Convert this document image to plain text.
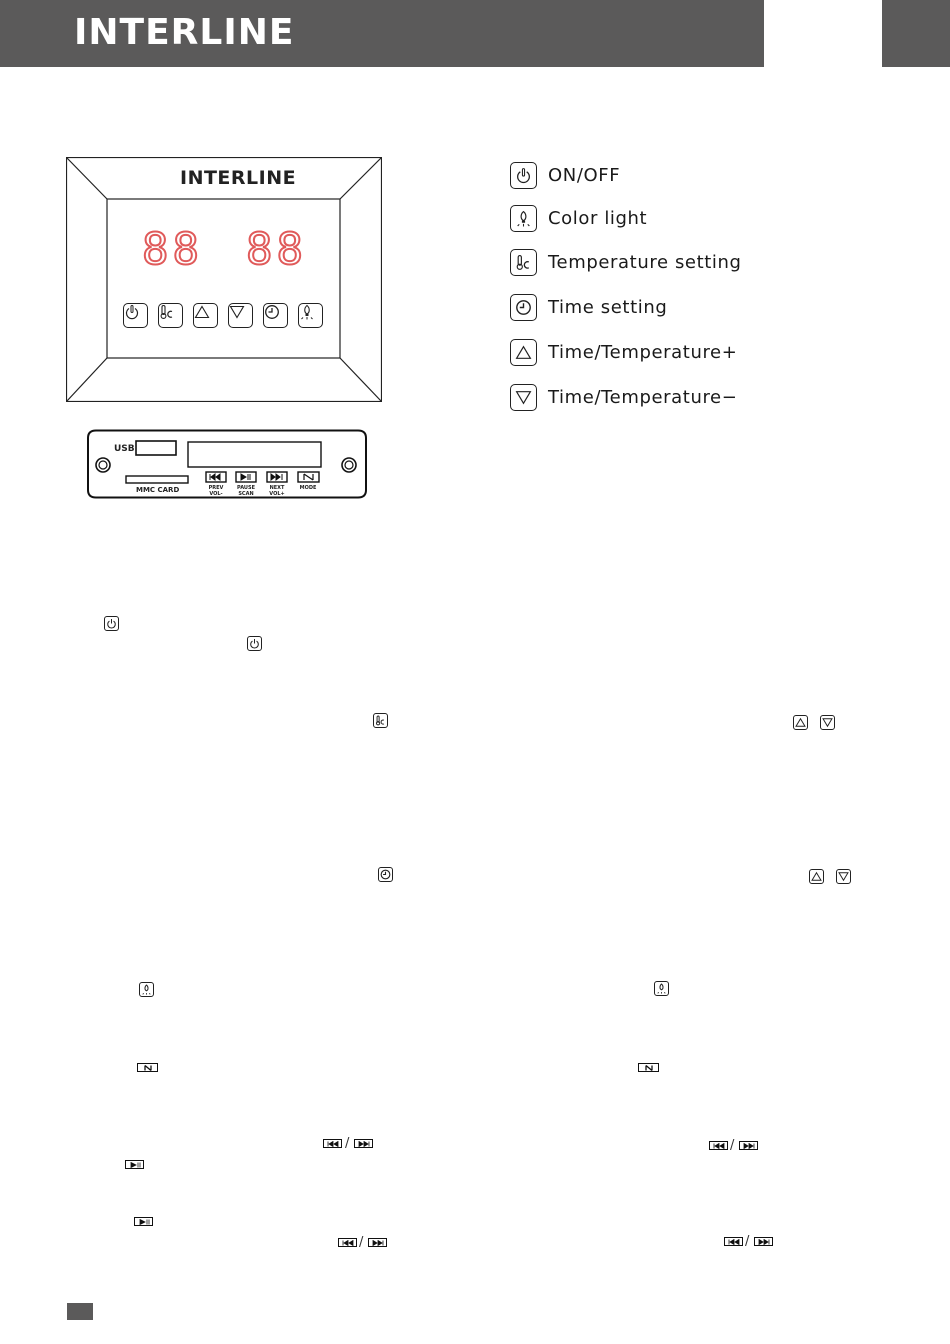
INTERLINE
INTERLINE
88 88
USB
MMC CARD	PREV
VOL-
PAUSE
SCAN
NEXT
VOL+
MODE
ON/OFF
Color light
Temperature setting
Time setting
Time/Temperature+
Time/Temperature−
/	/
/	/
